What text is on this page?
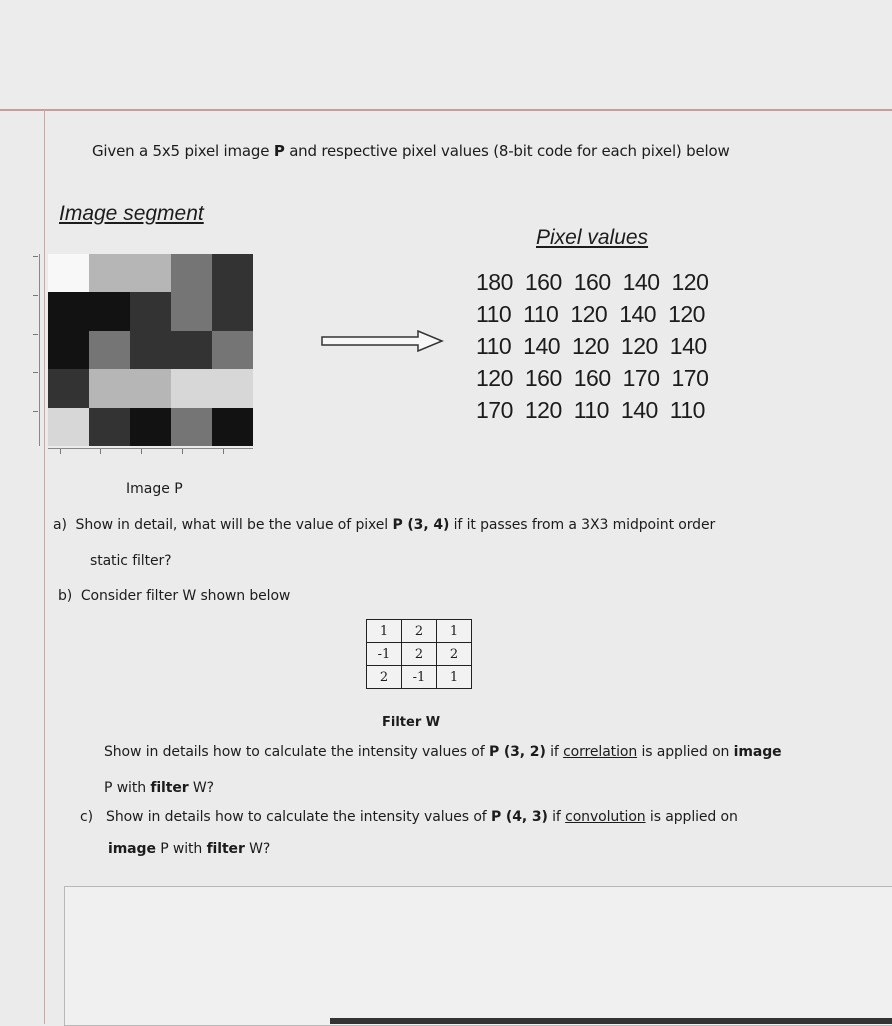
Given a 5x5 pixel image P and respective pixel values (8-bit code for each pixel) below
Image segment
Pixel values
180 160 160 140 120
110 110 120 140 120
110 140 120 120 140
120 160 160 170 170
170 120 110 140 110
Image P
a) Show in detail, what will be the value of pixel P (3, 4) if it passes from a 3X3 midpoint order
static filter?
b) Consider filter W shown below
1	2	1
-1	2	2
2	-1	1
Filter W
Show in details how to calculate the intensity values of P (3, 2) if correlation is applied on image
P with filter W?
c) Show in details how to calculate the intensity values of P (4, 3) if convolution is applied on
image P with filter W?
